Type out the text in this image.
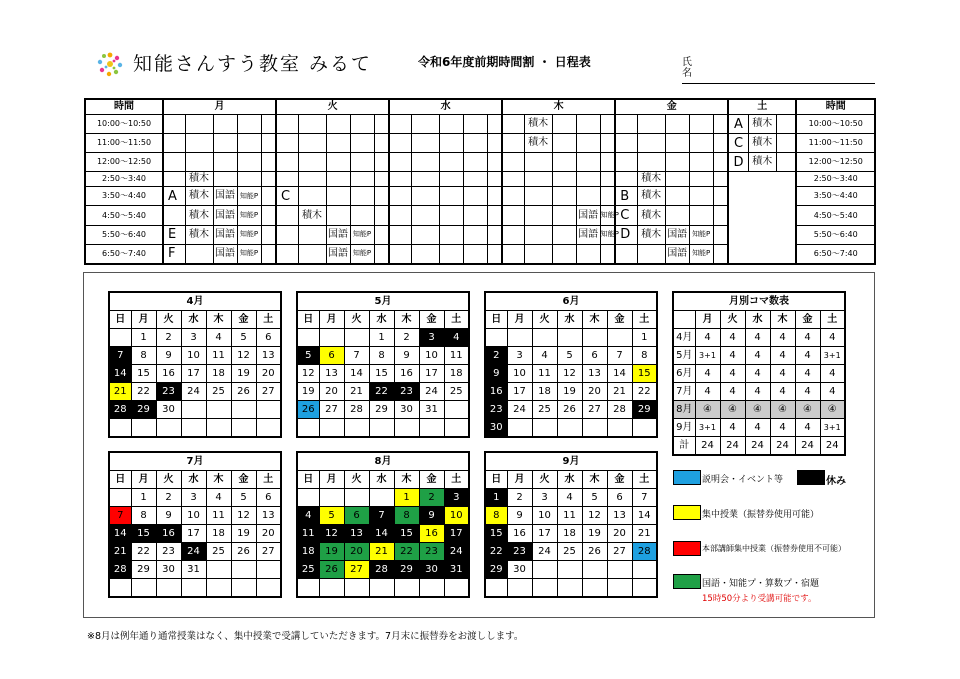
知能さんすう教室 みるて	令和6年度前期時間割 ・ 日程表	氏名
時間	月					火					水					木					金					土			時間
10:00～10:50																	積木									A	積木		10:00～10:50
11:00～11:50																	積木									C	積木		11:00～11:50
12:00～12:50																										D	積木		12:00～12:50
2:50～3:40		積木																				積木							2:50～3:40
3:50～4:40	A	積木	国語	知能P		C															B	積木							3:50～4:40
4:50～5:40		積木	国語	知能P			積木												国語	知能P	C	積木							4:50～5:40
5:50～6:40	E	積木	国語	知能P				国語	知能P										国語	知能P	D	積木	国語	知能P					5:50～6:40
6:50～7:40	F		国語	知能P				国語	知能P														国語	知能P					6:50～7:40
4月						
日	月	火	水	木	金	土
	1	2	3	4	5	6
7	8	9	10	11	12	13
14	15	16	17	18	19	20
21	22	23	24	25	26	27
28	29	30				

5月						
日	月	火	水	木	金	土
			1	2	3	4
5	6	7	8	9	10	11
12	13	14	15	16	17	18
19	20	21	22	23	24	25
26	27	28	29	30	31	

6月						
日	月	火	水	木	金	土
						1
2	3	4	5	6	7	8
9	10	11	12	13	14	15
16	17	18	19	20	21	22
23	24	25	26	27	28	29
30						
7月						
日	月	火	水	木	金	土
	1	2	3	4	5	6
7	8	9	10	11	12	13
14	15	16	17	18	19	20
21	22	23	24	25	26	27
28	29	30	31			

8月						
日	月	火	水	木	金	土
				1	2	3
4	5	6	7	8	9	10
11	12	13	14	15	16	17
18	19	20	21	22	23	24
25	26	27	28	29	30	31

9月						
日	月	火	水	木	金	土
1	2	3	4	5	6	7
8	9	10	11	12	13	14
15	16	17	18	19	20	21
22	23	24	25	26	27	28
29	30					

月別コマ数表						
	月	火	水	木	金	土
4月	4	4	4	4	4	4
5月	3+1	4	4	4	4	3+1
6月	4	4	4	4	4	4
7月	4	4	4	4	4	4
8月	④	④	④	④	④	④
9月	3+1	4	4	4	4	3+1
計	24	24	24	24	24	24
説明会・イベント等	休み
集中授業（振替券使用可能）
本部講師集中授業（振替券使用不可能）
国語・知能プ・算数プ・宿題
15時50分より受講可能です。
※8月は例年通り通常授業はなく、集中授業で受講していただきます。7月末に振替券をお渡しします。
